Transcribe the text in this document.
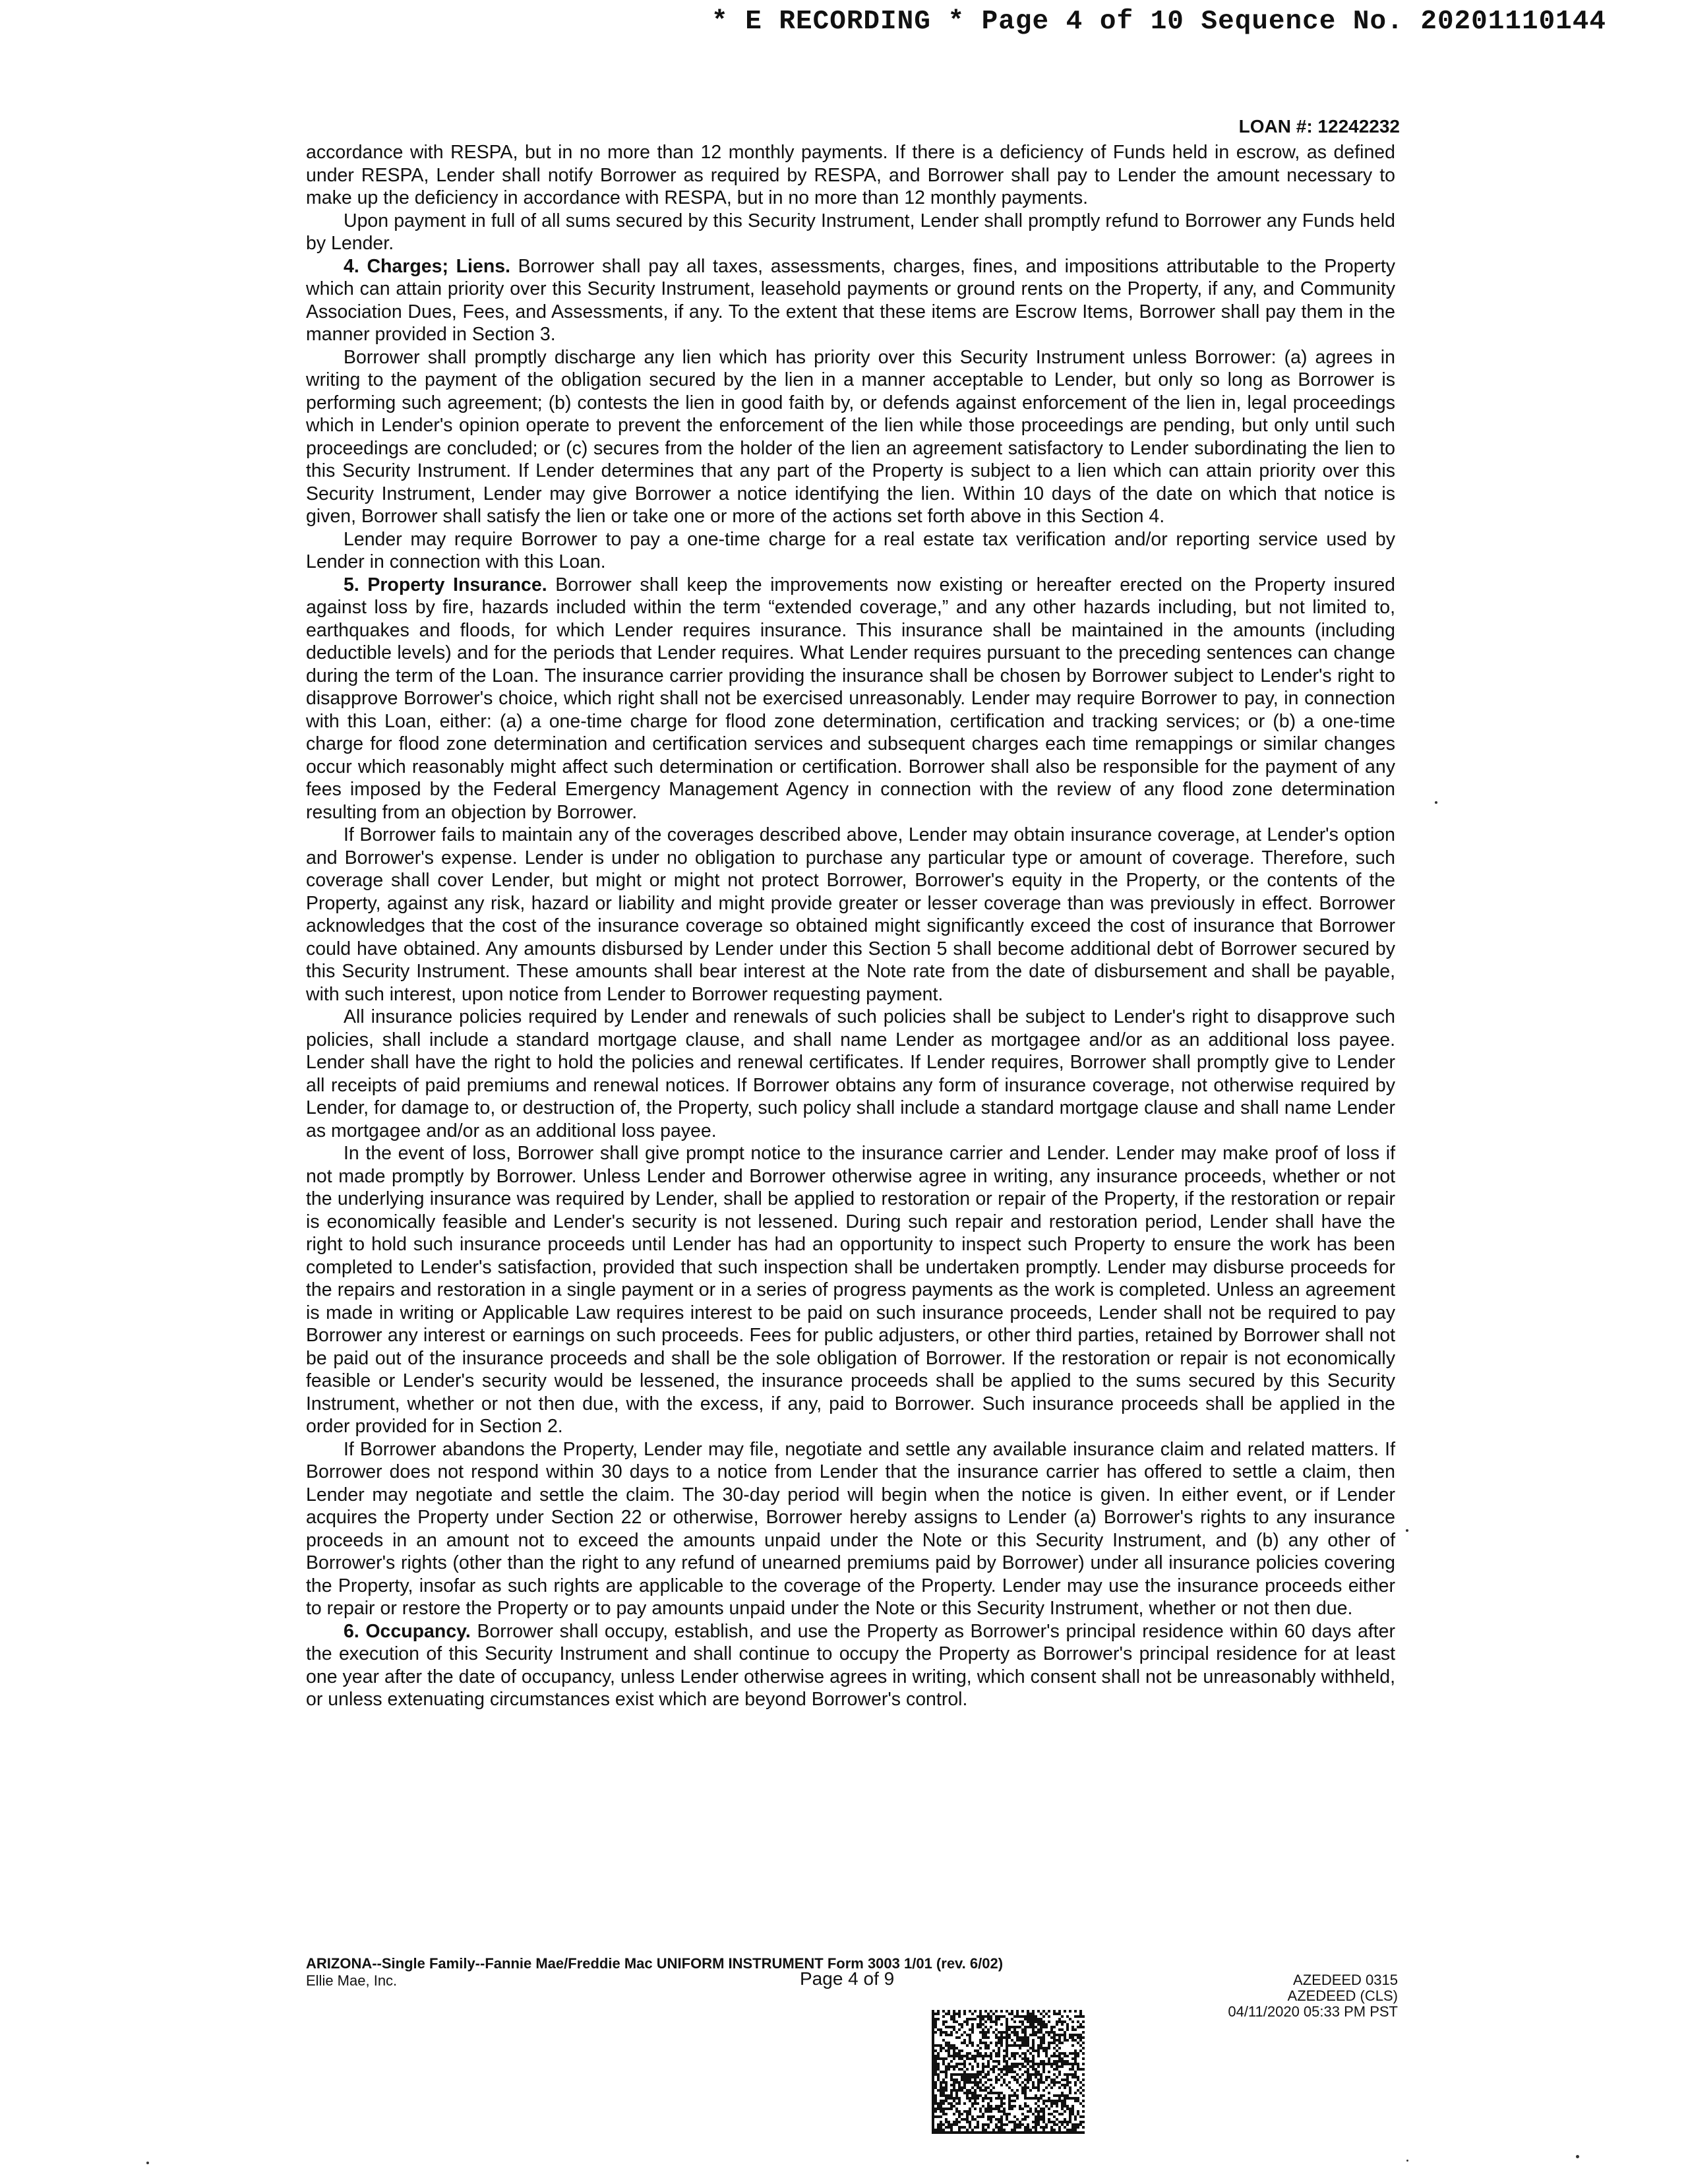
* E RECORDING * Page 4 of 10 Sequence No. 20201110144
LOAN #: 12242232

accordance with RESPA, but in no more than 12 monthly payments. If there is a deficiency of Funds held in escrow, as defined under RESPA, Lender shall notify Borrower as required by RESPA, and Borrower shall pay to Lender the amount necessary to make up the deficiency in accordance with RESPA, but in no more than 12 monthly payments.

Upon payment in full of all sums secured by this Security Instrument, Lender shall promptly refund to Borrower any Funds held by Lender.

4. Charges; Liens. Borrower shall pay all taxes, assessments, charges, fines, and impositions attributable to the Property which can attain priority over this Security Instrument, leasehold payments or ground rents on the Property, if any, and Community Association Dues, Fees, and Assessments, if any. To the extent that these items are Escrow Items, Borrower shall pay them in the manner provided in Section 3.

Borrower shall promptly discharge any lien which has priority over this Security Instrument unless Borrower: (a) agrees in writing to the payment of the obligation secured by the lien in a manner acceptable to Lender, but only so long as Borrower is performing such agreement; (b) contests the lien in good faith by, or defends against enforcement of the lien in, legal proceedings which in Lender's opinion operate to prevent the enforcement of the lien while those proceedings are pending, but only until such proceedings are concluded; or (c) secures from the holder of the lien an agreement satisfactory to Lender subordinating the lien to this Security Instrument. If Lender determines that any part of the Property is subject to a lien which can attain priority over this Security Instrument, Lender may give Borrower a notice identifying the lien. Within 10 days of the date on which that notice is given, Borrower shall satisfy the lien or take one or more of the actions set forth above in this Section 4.

Lender may require Borrower to pay a one-time charge for a real estate tax verification and/or reporting service used by Lender in connection with this Loan.

5. Property Insurance. Borrower shall keep the improvements now existing or hereafter erected on the Property insured against loss by fire, hazards included within the term “extended coverage,” and any other hazards including, but not limited to, earthquakes and floods, for which Lender requires insurance. This insurance shall be maintained in the amounts (including deductible levels) and for the periods that Lender requires. What Lender requires pursuant to the preceding sentences can change during the term of the Loan. The insurance carrier providing the insurance shall be chosen by Borrower subject to Lender's right to disapprove Borrower's choice, which right shall not be exercised unreasonably. Lender may require Borrower to pay, in connection with this Loan, either: (a) a one-time charge for flood zone determination, certification and tracking services; or (b) a one-time charge for flood zone determination and certification services and subsequent charges each time remappings or similar changes occur which reasonably might affect such determination or certification. Borrower shall also be responsible for the payment of any fees imposed by the Federal Emergency Management Agency in connection with the review of any flood zone determination resulting from an objection by Borrower.

If Borrower fails to maintain any of the coverages described above, Lender may obtain insurance coverage, at Lender's option and Borrower's expense. Lender is under no obligation to purchase any particular type or amount of coverage. Therefore, such coverage shall cover Lender, but might or might not protect Borrower, Borrower's equity in the Property, or the contents of the Property, against any risk, hazard or liability and might provide greater or lesser coverage than was previously in effect. Borrower acknowledges that the cost of the insurance coverage so obtained might significantly exceed the cost of insurance that Borrower could have obtained. Any amounts disbursed by Lender under this Section 5 shall become additional debt of Borrower secured by this Security Instrument. These amounts shall bear interest at the Note rate from the date of disbursement and shall be payable, with such interest, upon notice from Lender to Borrower requesting payment.

All insurance policies required by Lender and renewals of such policies shall be subject to Lender's right to disapprove such policies, shall include a standard mortgage clause, and shall name Lender as mortgagee and/or as an additional loss payee. Lender shall have the right to hold the policies and renewal certificates. If Lender requires, Borrower shall promptly give to Lender all receipts of paid premiums and renewal notices. If Borrower obtains any form of insurance coverage, not otherwise required by Lender, for damage to, or destruction of, the Property, such policy shall include a standard mortgage clause and shall name Lender as mortgagee and/or as an additional loss payee.

In the event of loss, Borrower shall give prompt notice to the insurance carrier and Lender. Lender may make proof of loss if not made promptly by Borrower. Unless Lender and Borrower otherwise agree in writing, any insurance proceeds, whether or not the underlying insurance was required by Lender, shall be applied to restoration or repair of the Property, if the restoration or repair is economically feasible and Lender's security is not lessened. During such repair and restoration period, Lender shall have the right to hold such insurance proceeds until Lender has had an opportunity to inspect such Property to ensure the work has been completed to Lender's satisfaction, provided that such inspection shall be undertaken promptly. Lender may disburse proceeds for the repairs and restoration in a single payment or in a series of progress payments as the work is completed. Unless an agreement is made in writing or Applicable Law requires interest to be paid on such insurance proceeds, Lender shall not be required to pay Borrower any interest or earnings on such proceeds. Fees for public adjusters, or other third parties, retained by Borrower shall not be paid out of the insurance proceeds and shall be the sole obligation of Borrower. If the restoration or repair is not economically feasible or Lender's security would be lessened, the insurance proceeds shall be applied to the sums secured by this Security Instrument, whether or not then due, with the excess, if any, paid to Borrower. Such insurance proceeds shall be applied in the order provided for in Section 2.

If Borrower abandons the Property, Lender may file, negotiate and settle any available insurance claim and related matters. If Borrower does not respond within 30 days to a notice from Lender that the insurance carrier has offered to settle a claim, then Lender may negotiate and settle the claim. The 30-day period will begin when the notice is given. In either event, or if Lender acquires the Property under Section 22 or otherwise, Borrower hereby assigns to Lender (a) Borrower's rights to any insurance proceeds in an amount not to exceed the amounts unpaid under the Note or this Security Instrument, and (b) any other of Borrower's rights (other than the right to any refund of unearned premiums paid by Borrower) under all insurance policies covering the Property, insofar as such rights are applicable to the coverage of the Property. Lender may use the insurance proceeds either to repair or restore the Property or to pay amounts unpaid under the Note or this Security Instrument, whether or not then due.

6. Occupancy. Borrower shall occupy, establish, and use the Property as Borrower's principal residence within 60 days after the execution of this Security Instrument and shall continue to occupy the Property as Borrower's principal residence for at least one year after the date of occupancy, unless Lender otherwise agrees in writing, which consent shall not be unreasonably withheld, or unless extenuating circumstances exist which are beyond Borrower's control.

ARIZONA--Single Family--Fannie Mae/Freddie Mac UNIFORM INSTRUMENT Form 3003 1/01 (rev. 6/02)
Ellie Mae, Inc.	Page 4 of 9	AZEDEED 0315
AZEDEED (CLS)
04/11/2020 05:33 PM PST
